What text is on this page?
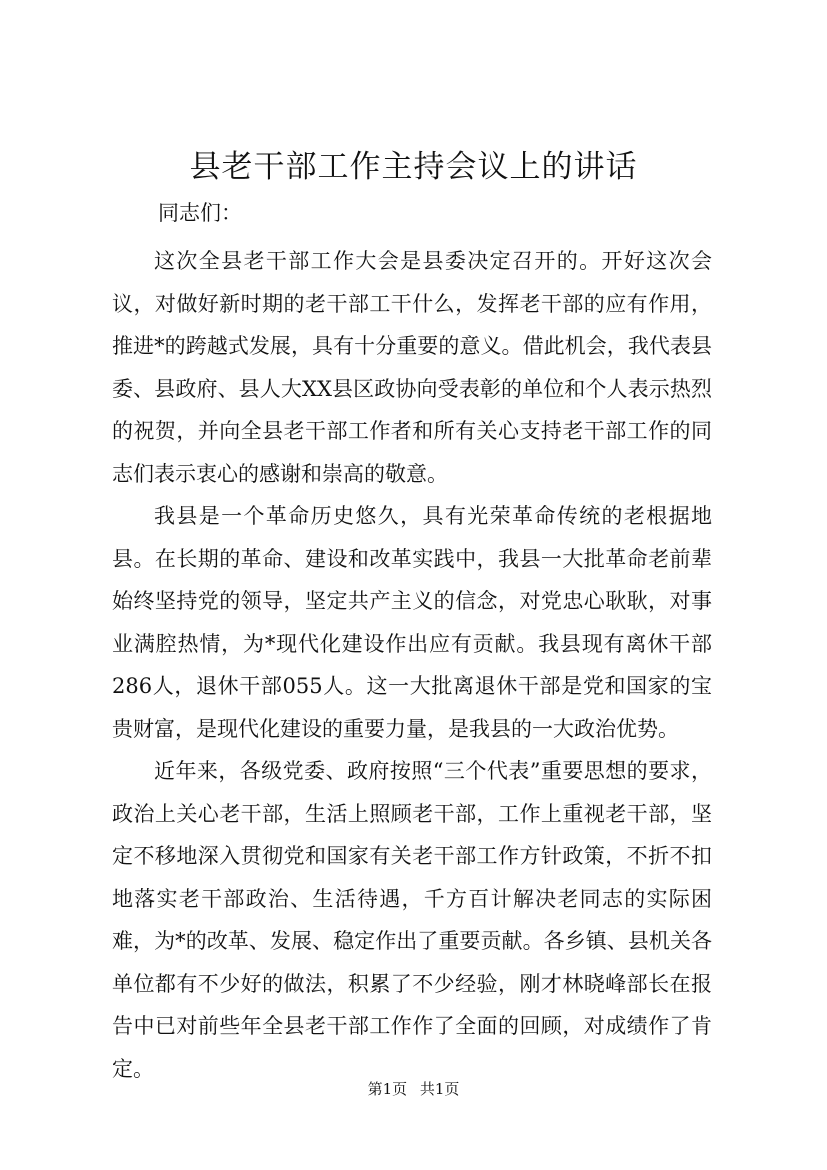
县老干部工作主持会议上的讲话

同志们：

这次全县老干部工作大会是县委决定召开的。开好这次会议，对做好新时期的老干部工干什么，发挥老干部的应有作用，推进*的跨越式发展，具有十分重要的意义。借此机会，我代表县委、县政府、县人大XX县区政协向受表彰的单位和个人表示热烈的祝贺，并向全县老干部工作者和所有关心支持老干部工作的同志们表示衷心的感谢和崇高的敬意。

我县是一个革命历史悠久，具有光荣革命传统的老根据地县。在长期的革命、建设和改革实践中，我县一大批革命老前辈始终坚持党的领导，坚定共产主义的信念，对党忠心耿耿，对事业满腔热情，为*现代化建设作出应有贡献。我县现有离休干部286人，退休干部055人。这一大批离退休干部是党和国家的宝贵财富，是现代化建设的重要力量，是我县的一大政治优势。

近年来，各级党委、政府按照“三个代表”重要思想的要求，政治上关心老干部，生活上照顾老干部，工作上重视老干部，坚定不移地深入贯彻党和国家有关老干部工作方针政策，不折不扣地落实老干部政治、生活待遇，千方百计解决老同志的实际困难，为*的改革、发展、稳定作出了重要贡献。各乡镇、县机关各单位都有不少好的做法，积累了不少经验，刚才林晓峰部长在报告中已对前些年全县老干部工作作了全面的回顾，对成绩作了肯定。

第1页 共1页
